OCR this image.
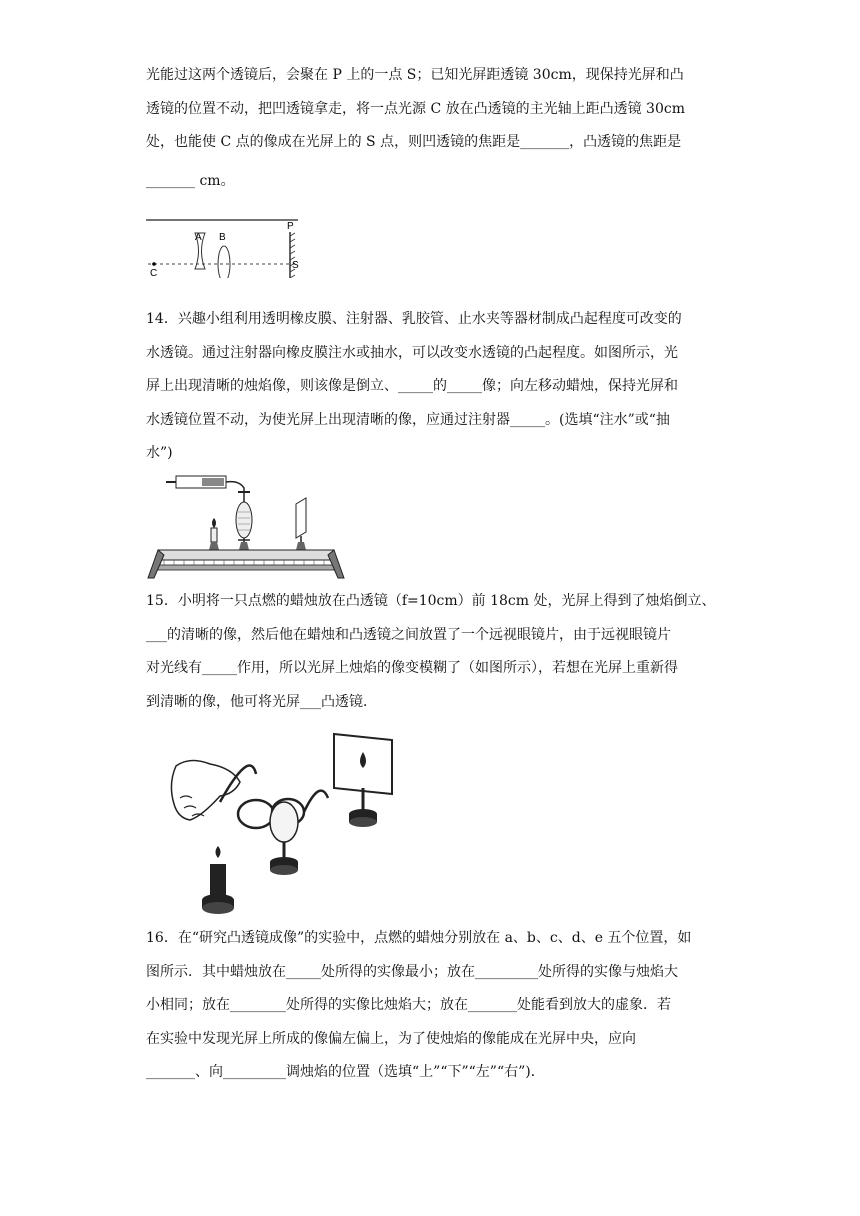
光能过这两个透镜后，会聚在 P 上的一点 S；已知光屏距透镜 30cm，现保持光屏和凸
透镜的位置不动，把凹透镜拿走，将一点光源 C 放在凸透镜的主光轴上距凸透镜 30cm
处，也能使 C 点的像成在光屏上的 S 点，则凹透镜的焦距是_______，凸透镜的焦距是
_______ cm。
C
A B
P
S
14．兴趣小组利用透明橡皮膜、注射器、乳胶管、止水夹等器材制成凸起程度可改变的
水透镜。通过注射器向橡皮膜注水或抽水，可以改变水透镜的凸起程度。如图所示，光
屏上出现清晰的烛焰像，则该像是倒立、_____的_____像；向左移动蜡烛，保持光屏和
水透镜位置不动，为使光屏上出现清晰的像，应通过注射器_____。(选填“注水”或“抽
水”)
15．小明将一只点燃的蜡烛放在凸透镜（f=10cm）前 18cm 处，光屏上得到了烛焰倒立、
___的清晰的像，然后他在蜡烛和凸透镜之间放置了一个远视眼镜片，由于远视眼镜片
对光线有_____作用，所以光屏上烛焰的像变模糊了（如图所示），若想在光屏上重新得
到清晰的像，他可将光屏___凸透镜．
16．在“研究凸透镜成像”的实验中，点燃的蜡烛分别放在 a、b、c、d、e 五个位置，如
图所示．其中蜡烛放在_____处所得的实像最小；放在_________处所得的实像与烛焰大
小相同；放在________处所得的实像比烛焰大；放在_______处能看到放大的虚象．若
在实验中发现光屏上所成的像偏左偏上，为了使烛焰的像能成在光屏中央，应向
_______、向_________调烛焰的位置（选填“上”“下”“左”“右”)．
